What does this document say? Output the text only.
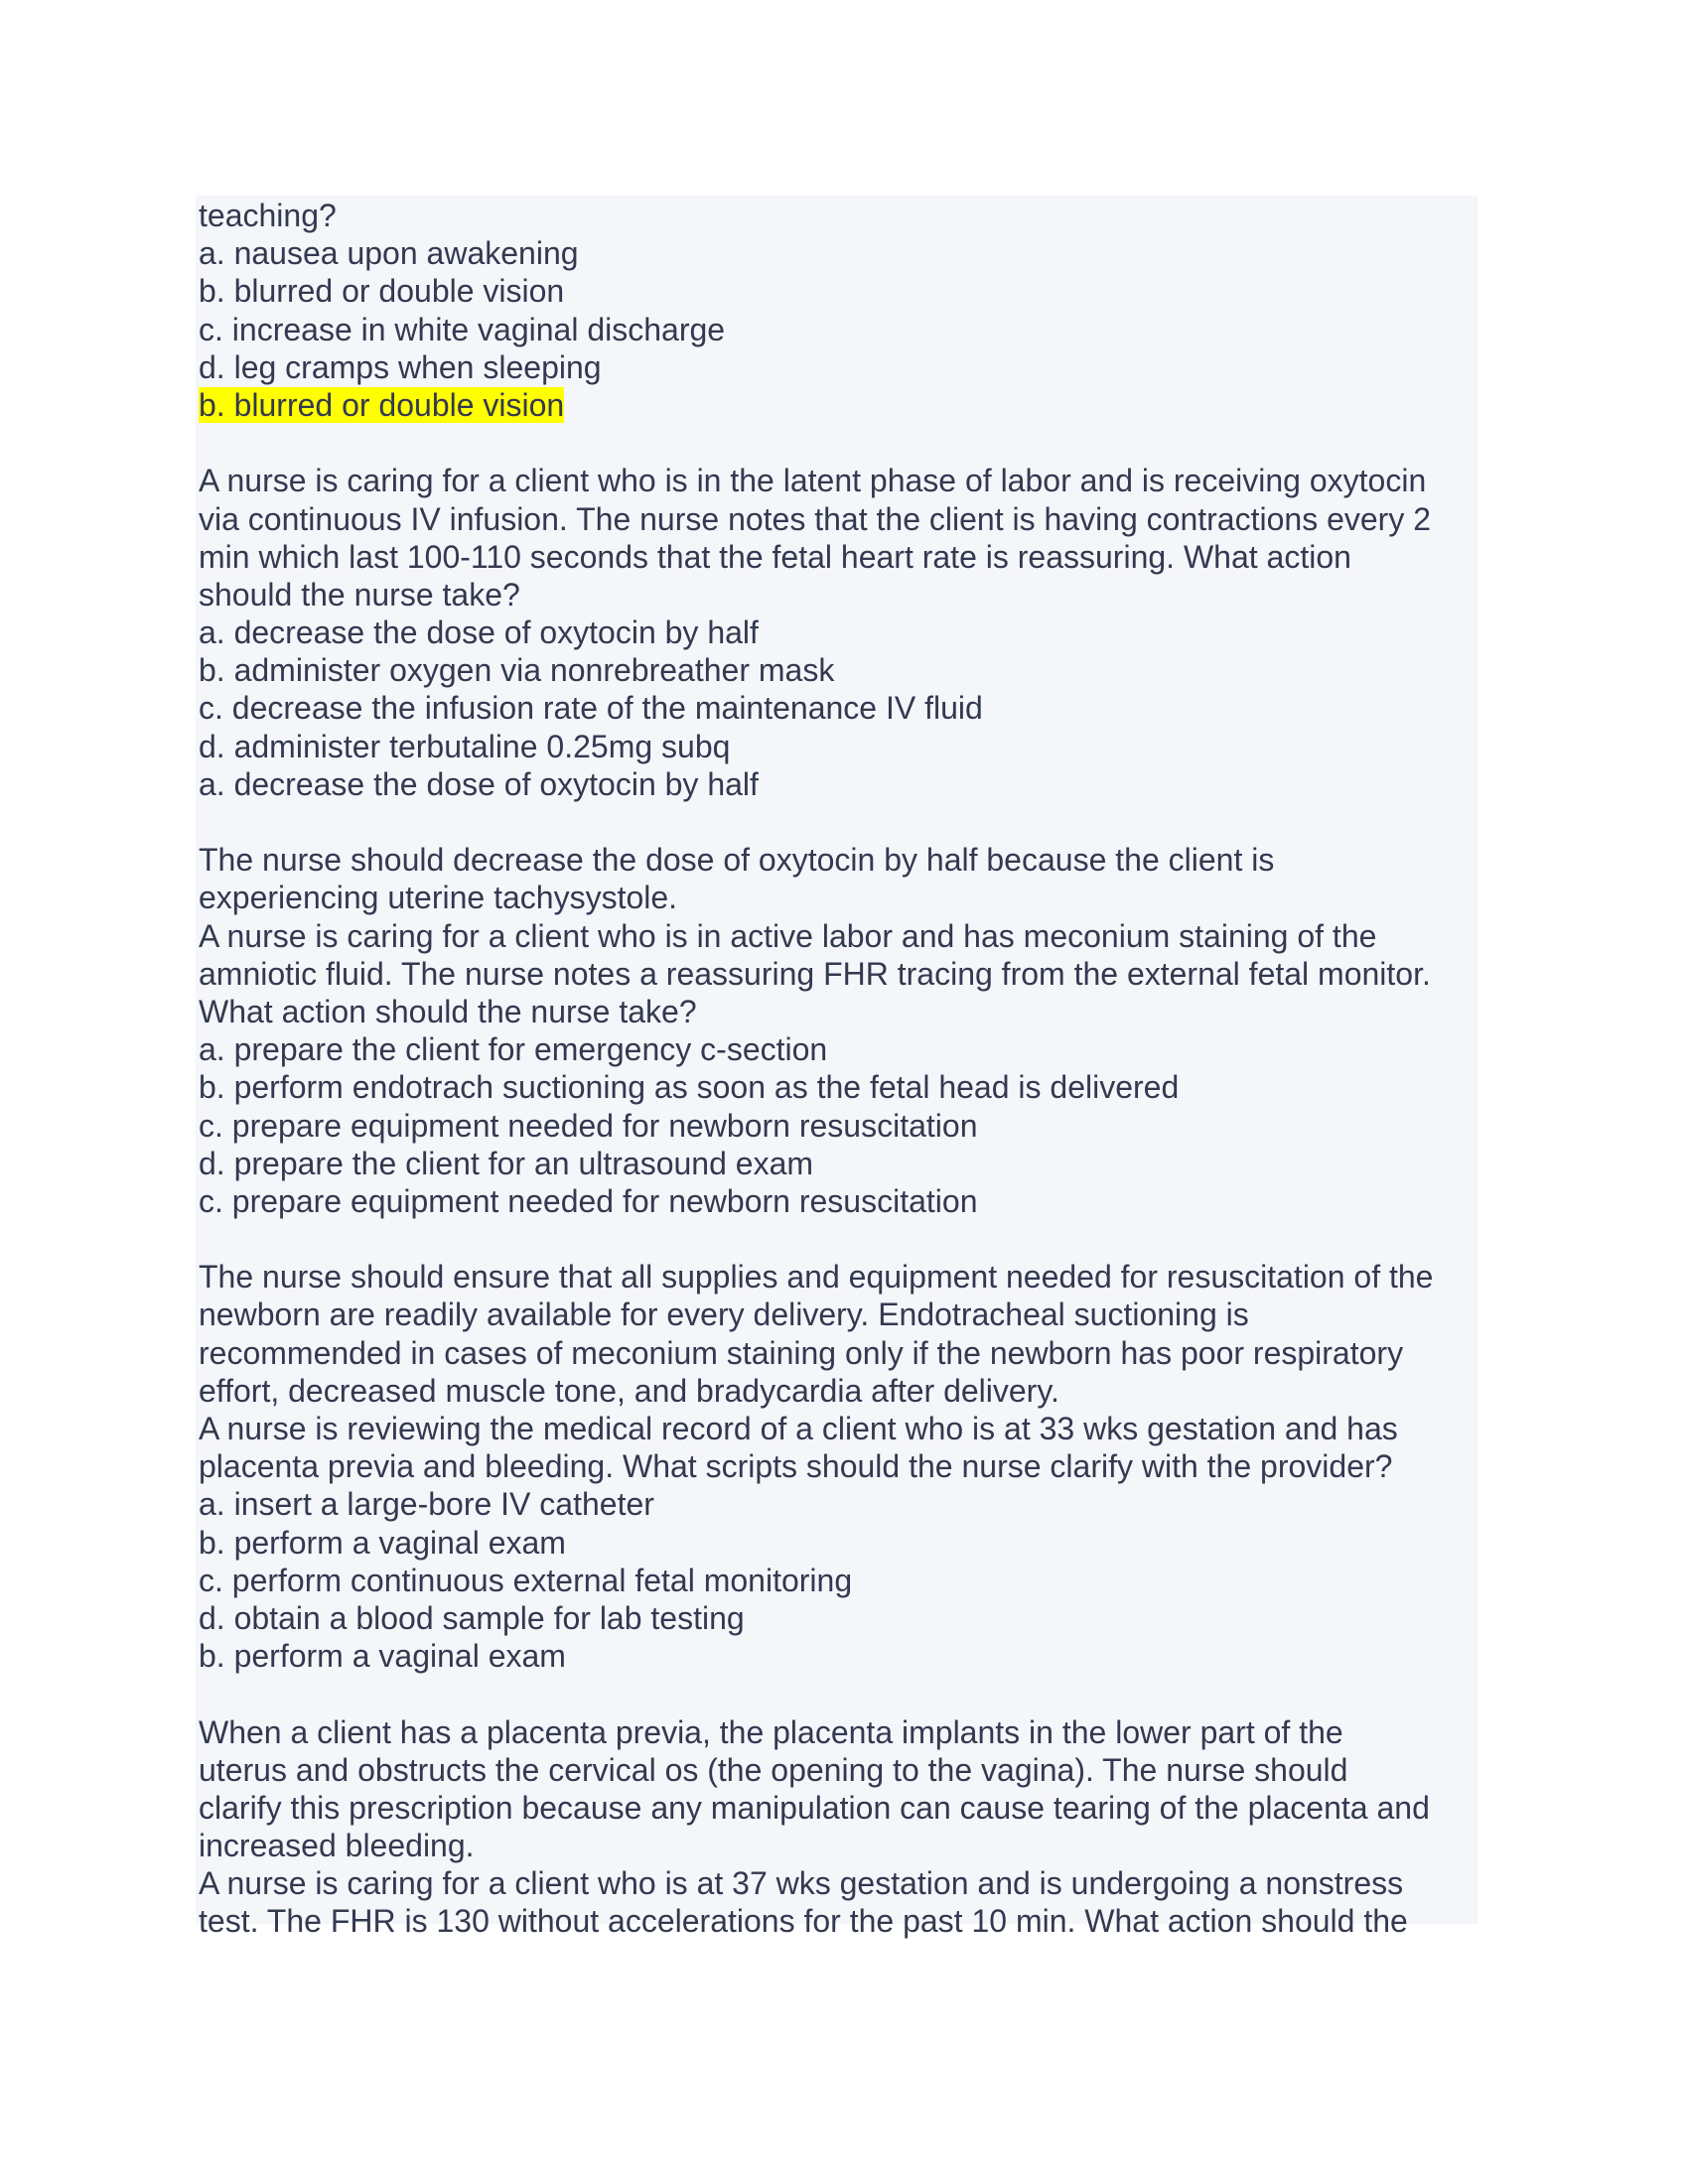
teaching?
a. nausea upon awakening
b. blurred or double vision
c. increase in white vaginal discharge
d. leg cramps when sleeping
b. blurred or double vision
A nurse is caring for a client who is in the latent phase of labor and is receiving oxytocin
via continuous IV infusion. The nurse notes that the client is having contractions every 2
min which last 100-110 seconds that the fetal heart rate is reassuring. What action
should the nurse take?
a. decrease the dose of oxytocin by half
b. administer oxygen via nonrebreather mask
c. decrease the infusion rate of the maintenance IV fluid
d. administer terbutaline 0.25mg subq
a. decrease the dose of oxytocin by half
The nurse should decrease the dose of oxytocin by half because the client is
experiencing uterine tachysystole.
A nurse is caring for a client who is in active labor and has meconium staining of the
amniotic fluid. The nurse notes a reassuring FHR tracing from the external fetal monitor.
What action should the nurse take?
a. prepare the client for emergency c-section
b. perform endotrach suctioning as soon as the fetal head is delivered
c. prepare equipment needed for newborn resuscitation
d. prepare the client for an ultrasound exam
c. prepare equipment needed for newborn resuscitation
The nurse should ensure that all supplies and equipment needed for resuscitation of the
newborn are readily available for every delivery. Endotracheal suctioning is
recommended in cases of meconium staining only if the newborn has poor respiratory
effort, decreased muscle tone, and bradycardia after delivery.
A nurse is reviewing the medical record of a client who is at 33 wks gestation and has
placenta previa and bleeding. What scripts should the nurse clarify with the provider?
a. insert a large-bore IV catheter
b. perform a vaginal exam
c. perform continuous external fetal monitoring
d. obtain a blood sample for lab testing
b. perform a vaginal exam
When a client has a placenta previa, the placenta implants in the lower part of the
uterus and obstructs the cervical os (the opening to the vagina). The nurse should
clarify this prescription because any manipulation can cause tearing of the placenta and
increased bleeding.
A nurse is caring for a client who is at 37 wks gestation and is undergoing a nonstress
test. The FHR is 130 without accelerations for the past 10 min. What action should the
